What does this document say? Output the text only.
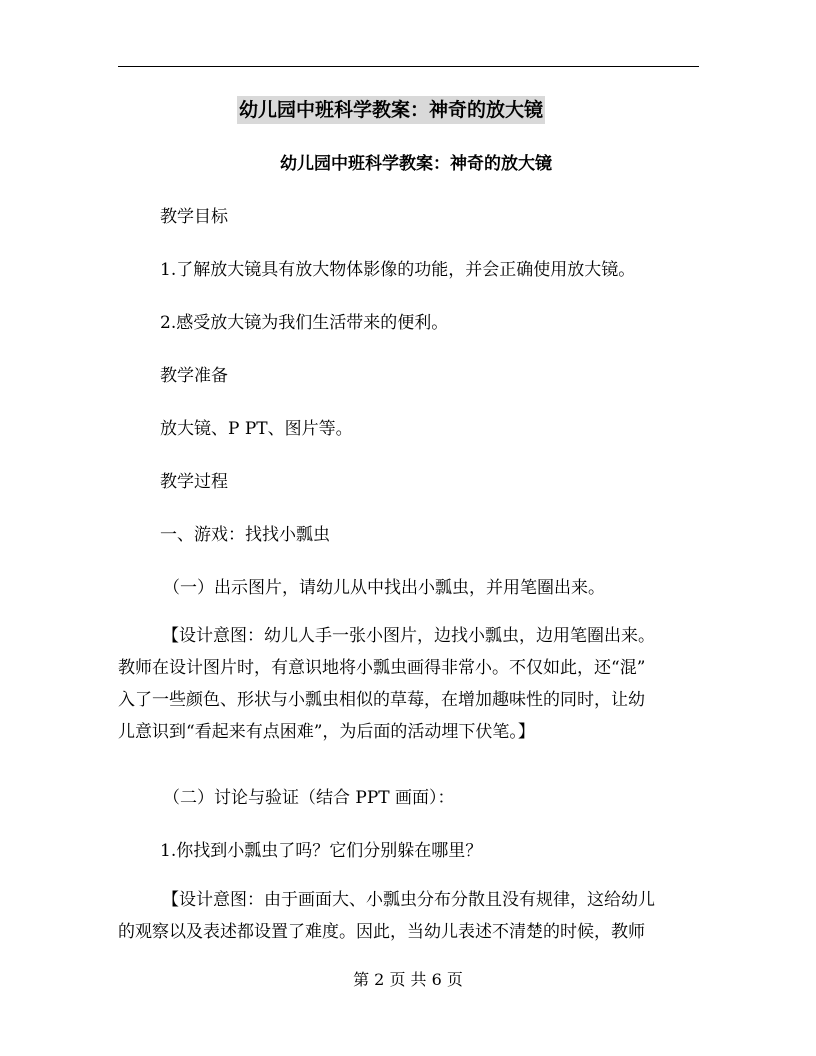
幼儿园中班科学教案：神奇的放大镜
幼儿园中班科学教案：神奇的放大镜
教学目标
1.了解放大镜具有放大物体影像的功能，并会正确使用放大镜。
2.感受放大镜为我们生活带来的便利。
教学准备
放大镜、P PT、图片等。
教学过程
一、游戏：找找小瓢虫
（一）出示图片，请幼儿从中找出小瓢虫，并用笔圈出来。
【设计意图：幼儿人手一张小图片，边找小瓢虫，边用笔圈出来。
教师在设计图片时，有意识地将小瓢虫画得非常小。不仅如此，还“混”
入了一些颜色、形状与小瓢虫相似的草莓，在增加趣味性的同时，让幼
儿意识到“看起来有点困难”，为后面的活动埋下伏笔。】
（二）讨论与验证（结合 PPT 画面）：
1.你找到小瓢虫了吗？它们分别躲在哪里？
【设计意图：由于画面大、小瓢虫分布分散且没有规律，这给幼儿
的观察以及表述都设置了难度。因此，当幼儿表述不清楚的时候，教师
第 2 页 共 6 页
